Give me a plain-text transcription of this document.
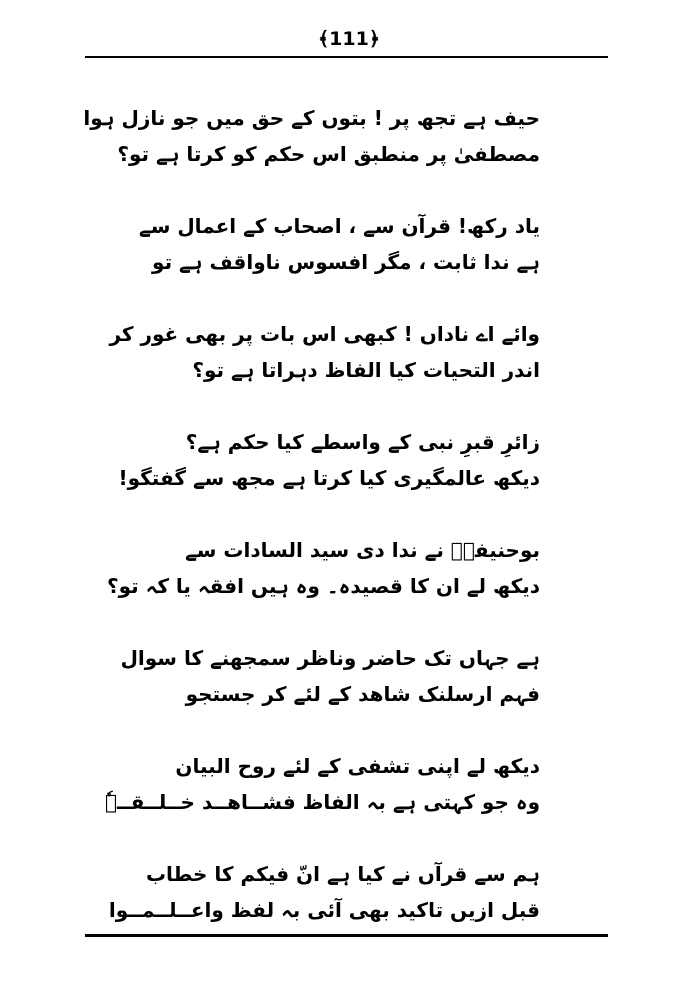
﴾111﴿
حیف ہے تجھ پر ! بتوں کے حق میں جو نازل ہوا
مصطفیٰ پر منطبق اس حکم کو کرتا ہے تو؟
یاد رکھ! قرآن سے ، اصحاب کے اعمال سے
ہے ندا ثابت ، مگر افسوس ناواقف ہے تو
وائے اے ناداں ! کبھی اس بات پر بھی غور کر
اندر التحیات کیا الفاظ دہراتا ہے تو؟
زائرِ قبرِ نبی کے واسطے کیا حکم ہے؟
دیکھ عالمگیری کیا کرتا ہے مجھ سے گفتگو!
بوحنیفہؒ نے ندا دی سید السادات سے
دیکھ لے ان کا قصیدہ۔ وہ ہیں افقہ یا کہ تو؟
ہے جہاں تک حاضر وناظر سمجھنے کا سوال
فہم ارسلنک شاھد کے لئے کر جستجو
دیکھ لے اپنی تشفی کے لئے روح البیان
وہ جو کہتی ہے بہ الفاظ فشــاھــد خــلــقــہٗ
ہم سے قرآں نے کیا ہے انّ فیکم کا خطاب
قبل ازیں تاکید بھی آئی بہ لفظ واعــلــمــوا
